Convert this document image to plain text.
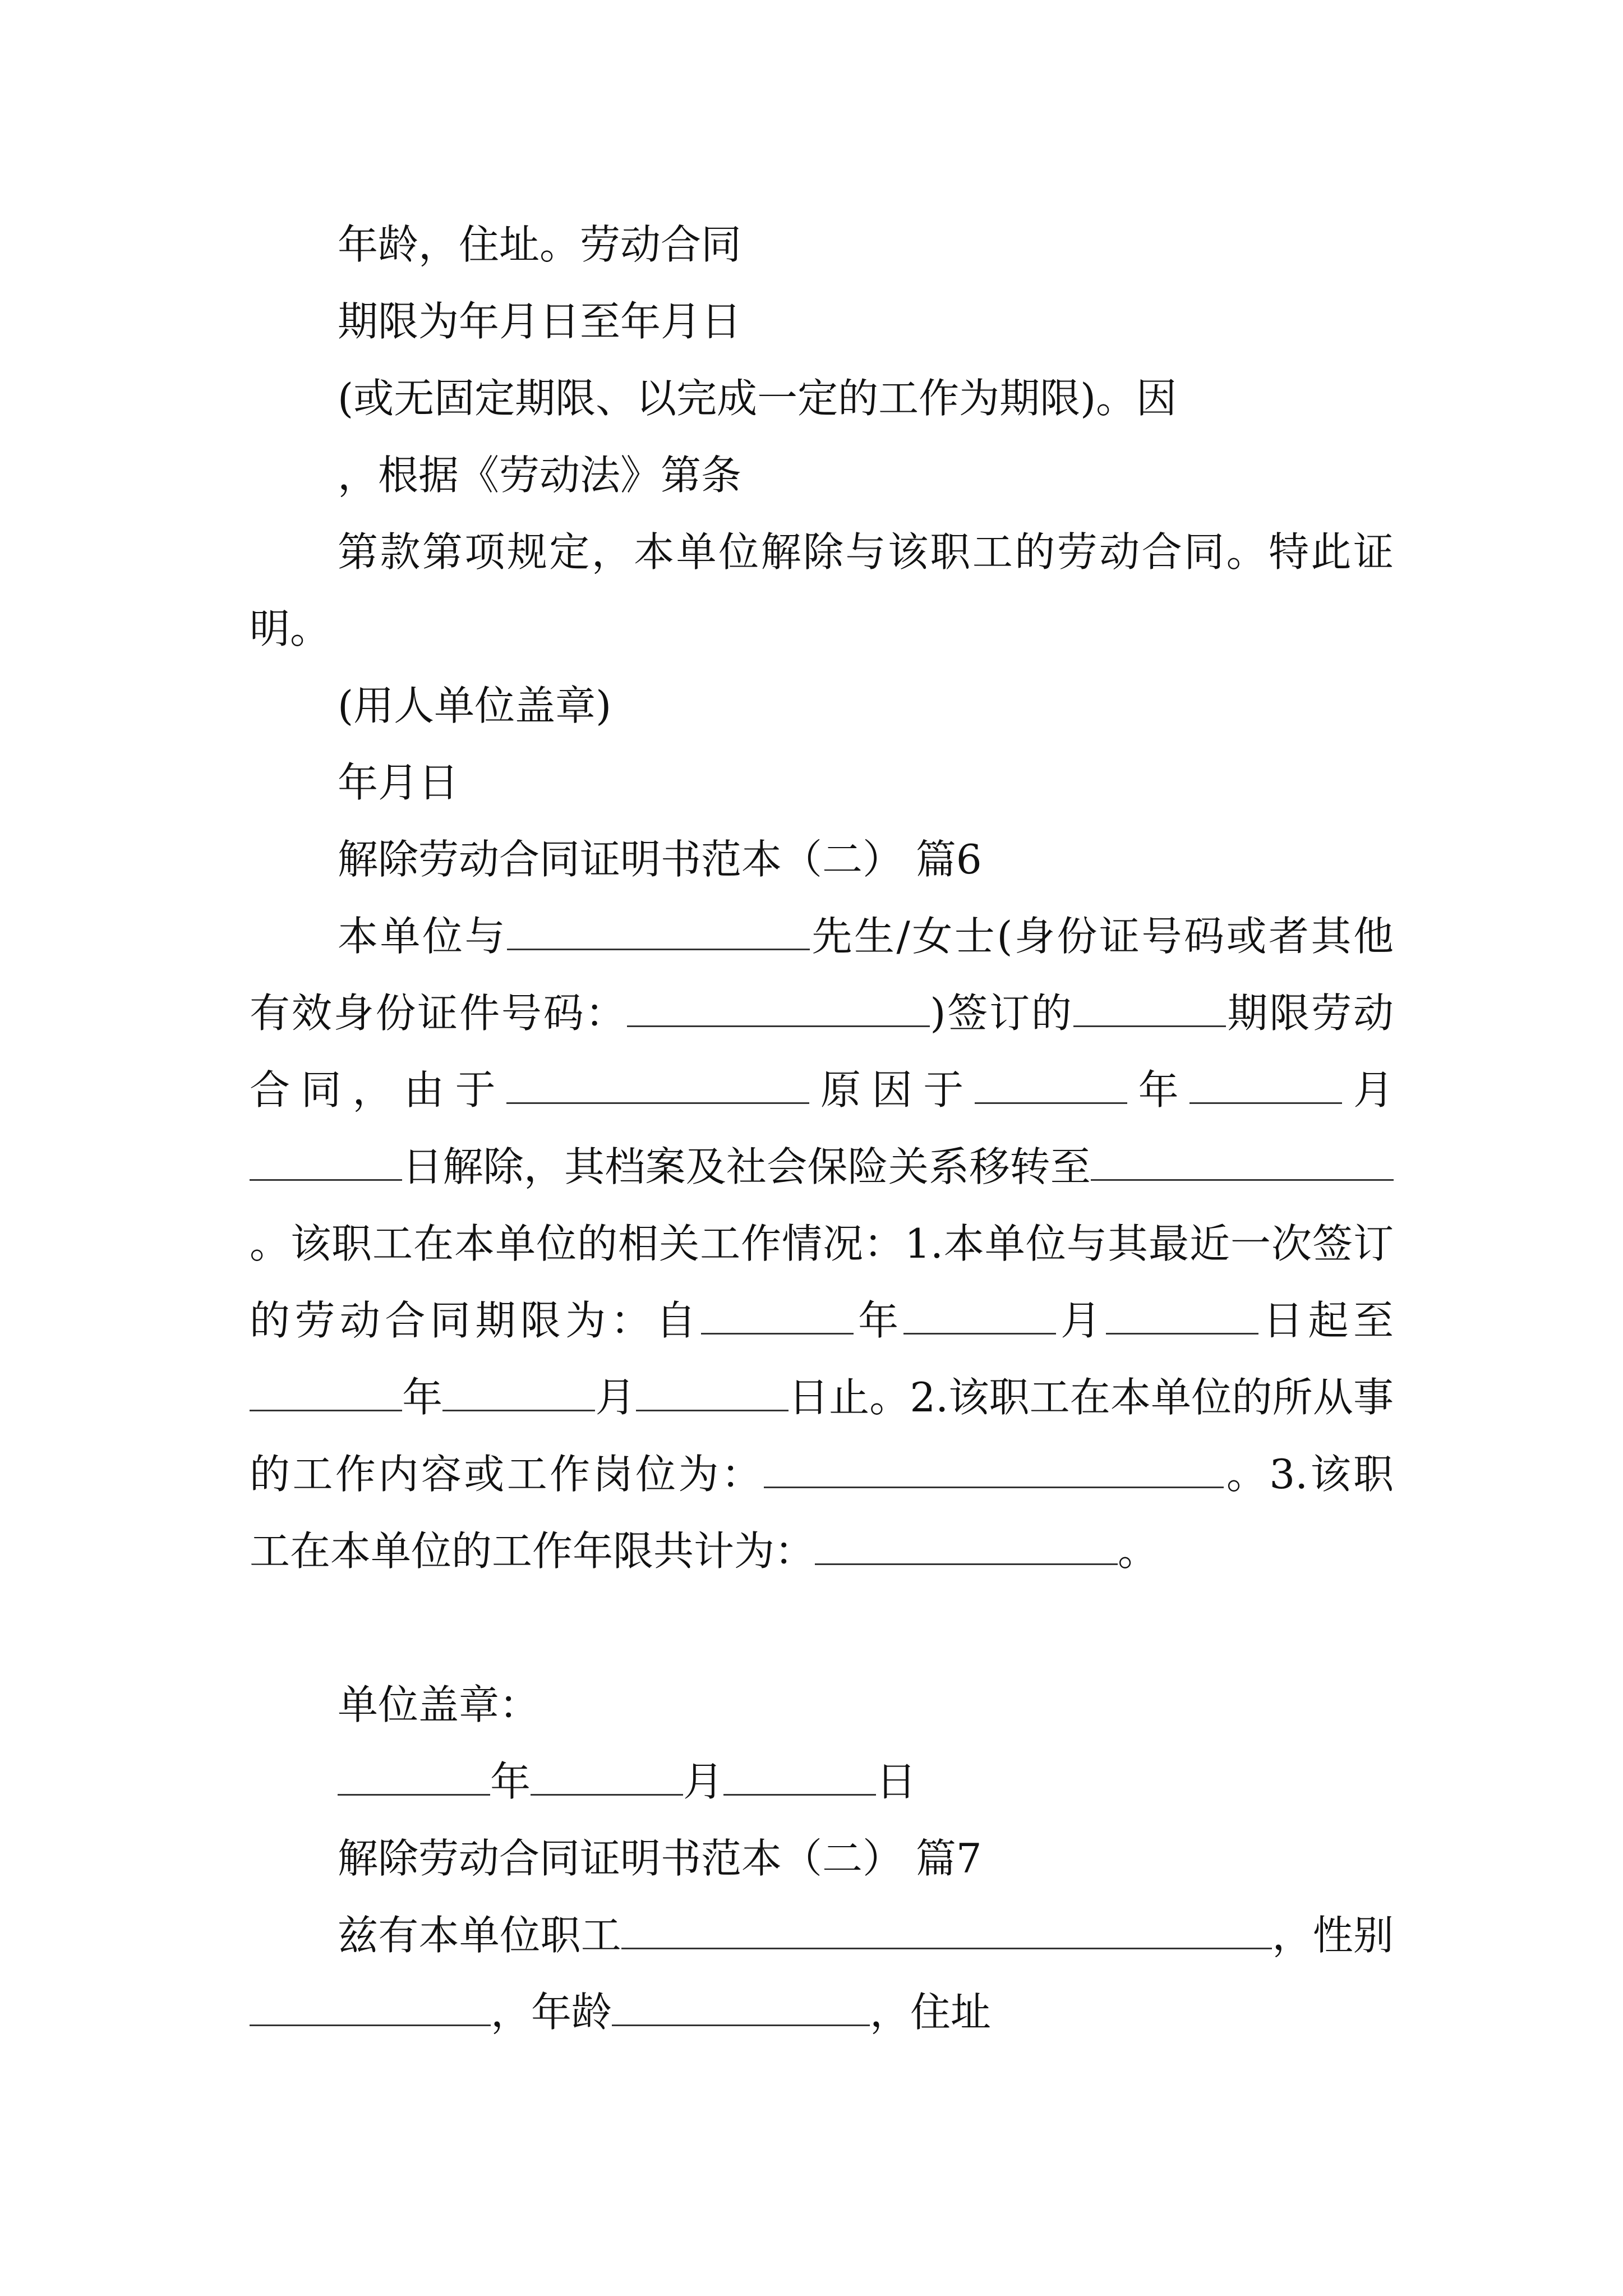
年龄，住址。劳动合同

期限为年月日至年月日

(或无固定期限、以完成一定的工作为期限)。因

，根据《劳动法》第条

第款第项规定，本单位解除与该职工的劳动合同。特此证明。

(用人单位盖章)

年月日

解除劳动合同证明书范本（二） 篇6

本单位与	先生/女士(身份证号码或者其他有效身份证件号码：	)签订的	期限劳动合同，由于	原因于	年	月日解除，其档案及社会保险关系移转至。该职工在本单位的相关工作情况：1.本单位与其最近一次签订的劳动合同期限为：自	年	月	日起至年	月	日止。2.该职工在本单位的所从事的工作内容或工作岗位为：	。3.该职工在本单位的工作年限共计为：	。

单位盖章：

年	月	日

解除劳动合同证明书范本（二） 篇7

兹有本单位职工	，性别，年龄	，住址
